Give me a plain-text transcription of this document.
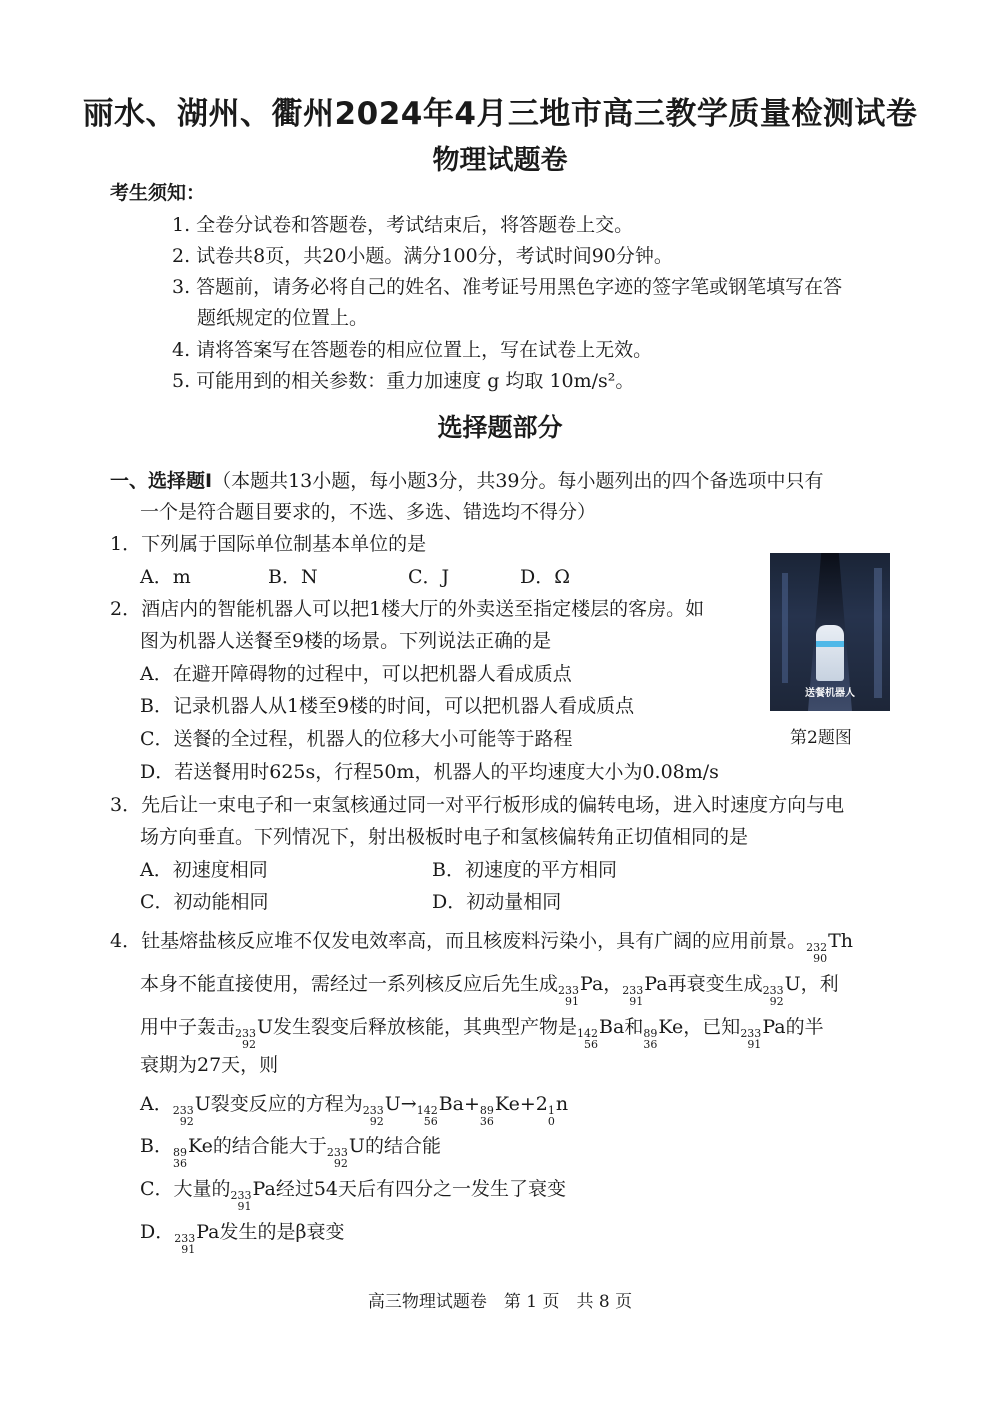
丽水、湖州、衢州2024年4月三地市高三教学质量检测试卷
物理试题卷
考生须知：
1. 全卷分试卷和答题卷，考试结束后，将答题卷上交。
2. 试卷共8页，共20小题。满分100分，考试时间90分钟。
3. 答题前，请务必将自己的姓名、准考证号用黑色字迹的签字笔或钢笔填写在答
题纸规定的位置上。
4. 请将答案写在答题卷的相应位置上，写在试卷上无效。
5. 可能用到的相关参数：重力加速度 g 均取 10m/s²。
选择题部分
一、选择题Ⅰ（本题共13小题，每小题3分，共39分。每小题列出的四个备选项中只有
一个是符合题目要求的，不选、多选、错选均不得分）
1．下列属于国际单位制基本单位的是
A．m	B．N	C．J	D．Ω
2．酒店内的智能机器人可以把1楼大厅的外卖送至指定楼层的客房。如
图为机器人送餐至9楼的场景。下列说法正确的是
A．在避开障碍物的过程中，可以把机器人看成质点
B．记录机器人从1楼至9楼的时间，可以把机器人看成质点
C．送餐的全过程，机器人的位移大小可能等于路程
D．若送餐用时625s，行程50m，机器人的平均速度大小为0.08m/s
送餐机器人
第2题图
3．先后让一束电子和一束氢核通过同一对平行板形成的偏转电场，进入时速度方向与电
场方向垂直。下列情况下，射出极板时电子和氢核偏转角正切值相同的是
A．初速度相同	B．初速度的平方相同
C．初动能相同	D．初动量相同
4．钍基熔盐核反应堆不仅发电效率高，而且核废料污染小，具有广阔的应用前景。 232
90
Th
本身不能直接使用，需经过一系列核反应后先生成 233
91
Pa， 233
91
Pa再衰变生成 233
92
U，利
用中子轰击 233
92
U发生裂变后释放核能，其典型产物是 142
56
Ba和 89
36
Ke，已知 233
91
Pa的半
衰期为27天，则
A． 233
92
U裂变反应的方程为 233
92
U→ 142
56
Ba+ 89
36
Ke+2 1
0
n
B． 89
36
Ke的结合能大于 233
92
U的结合能
C．大量的 233
91
Pa经过54天后有四分之一发生了衰变
D． 233
91
Pa发生的是β衰变
高三物理试题卷　第 1 页　共 8 页
